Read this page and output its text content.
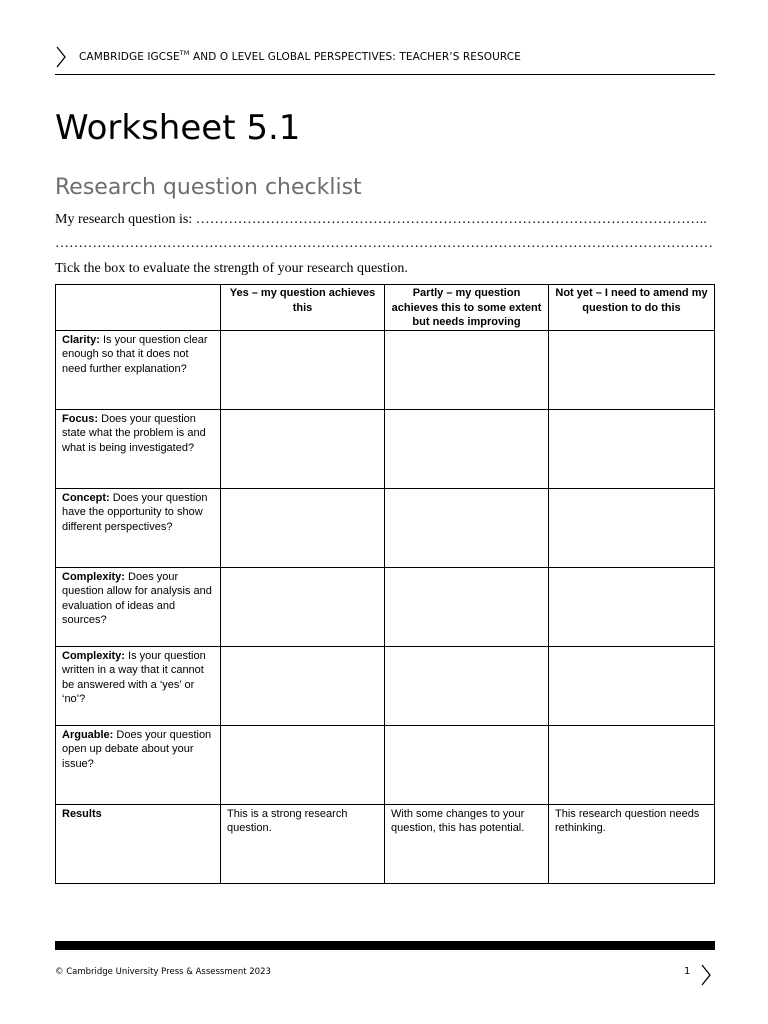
CAMBRIDGE IGCSE™ AND O LEVEL GLOBAL PERSPECTIVES: TEACHER’S RESOURCE
Worksheet 5.1
Research question checklist
My research question is: ………………………………………………………………………………………………..
……………………………………………………………………………………………………………………………
Tick the box to evaluate the strength of your research question.
	Yes – my question achieves this	Partly – my question achieves this to some extent but needs improving	Not yet – I need to amend my question to do this
Clarity: Is your question clear enough so that it does not need further explanation?			
Focus: Does your question state what the problem is and what is being investigated?			
Concept: Does your question have the opportunity to show different perspectives?			
Complexity: Does your question allow for analysis and evaluation of ideas and sources?			
Complexity: Is your question written in a way that it cannot be answered with a ‘yes’ or ‘no’?			
Arguable: Does your question open up debate about your issue?			
Results	This is a strong research question.	With some changes to your question, this has potential.	This research question needs rethinking.
© Cambridge University Press & Assessment 2023	1
